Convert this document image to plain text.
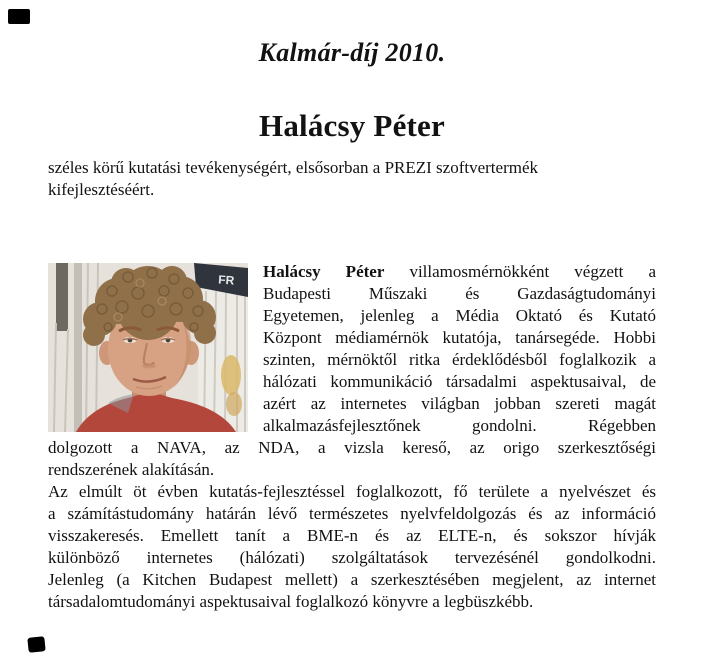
Kalmár-díj 2010.
Halácsy Péter
széles körű kutatási tevékenységért, elsősorban a PREZI szoftvertermék
kifejlesztéséért.
FR Halácsy Péter villamosmérnökként végzett a
Budapesti Műszaki és Gazdaságtudományi
Egyetemen, jelenleg a Média Oktató és Kutató
Központ médiamérnök kutatója, tanársegéde. Hobbi
szinten, mérnöktől ritka érdeklődésből foglalkozik a
hálózati kommunikáció társadalmi aspektusaival, de
azért az internetes világban jobban szereti magát
alkalmazásfejlesztőnek gondolni. Régebben
dolgozott a NAVA, az NDA, a vizsla kereső, az origo szerkesztőségi
rendszerének alakításán.
Az elmúlt öt évben kutatás-fejlesztéssel foglalkozott, fő területe a nyelvészet és
a számítástudomány határán lévő természetes nyelvfeldolgozás és az információ
visszakeresés. Emellett tanít a BME-n és az ELTE-n, és sokszor hívják
különböző internetes (hálózati) szolgáltatások tervezésénél gondolkodni.
Jelenleg (a Kitchen Budapest mellett) a szerkesztésében megjelent, az internet
társadalomtudományi aspektusaival foglalkozó könyvre a legbüszkébb.
